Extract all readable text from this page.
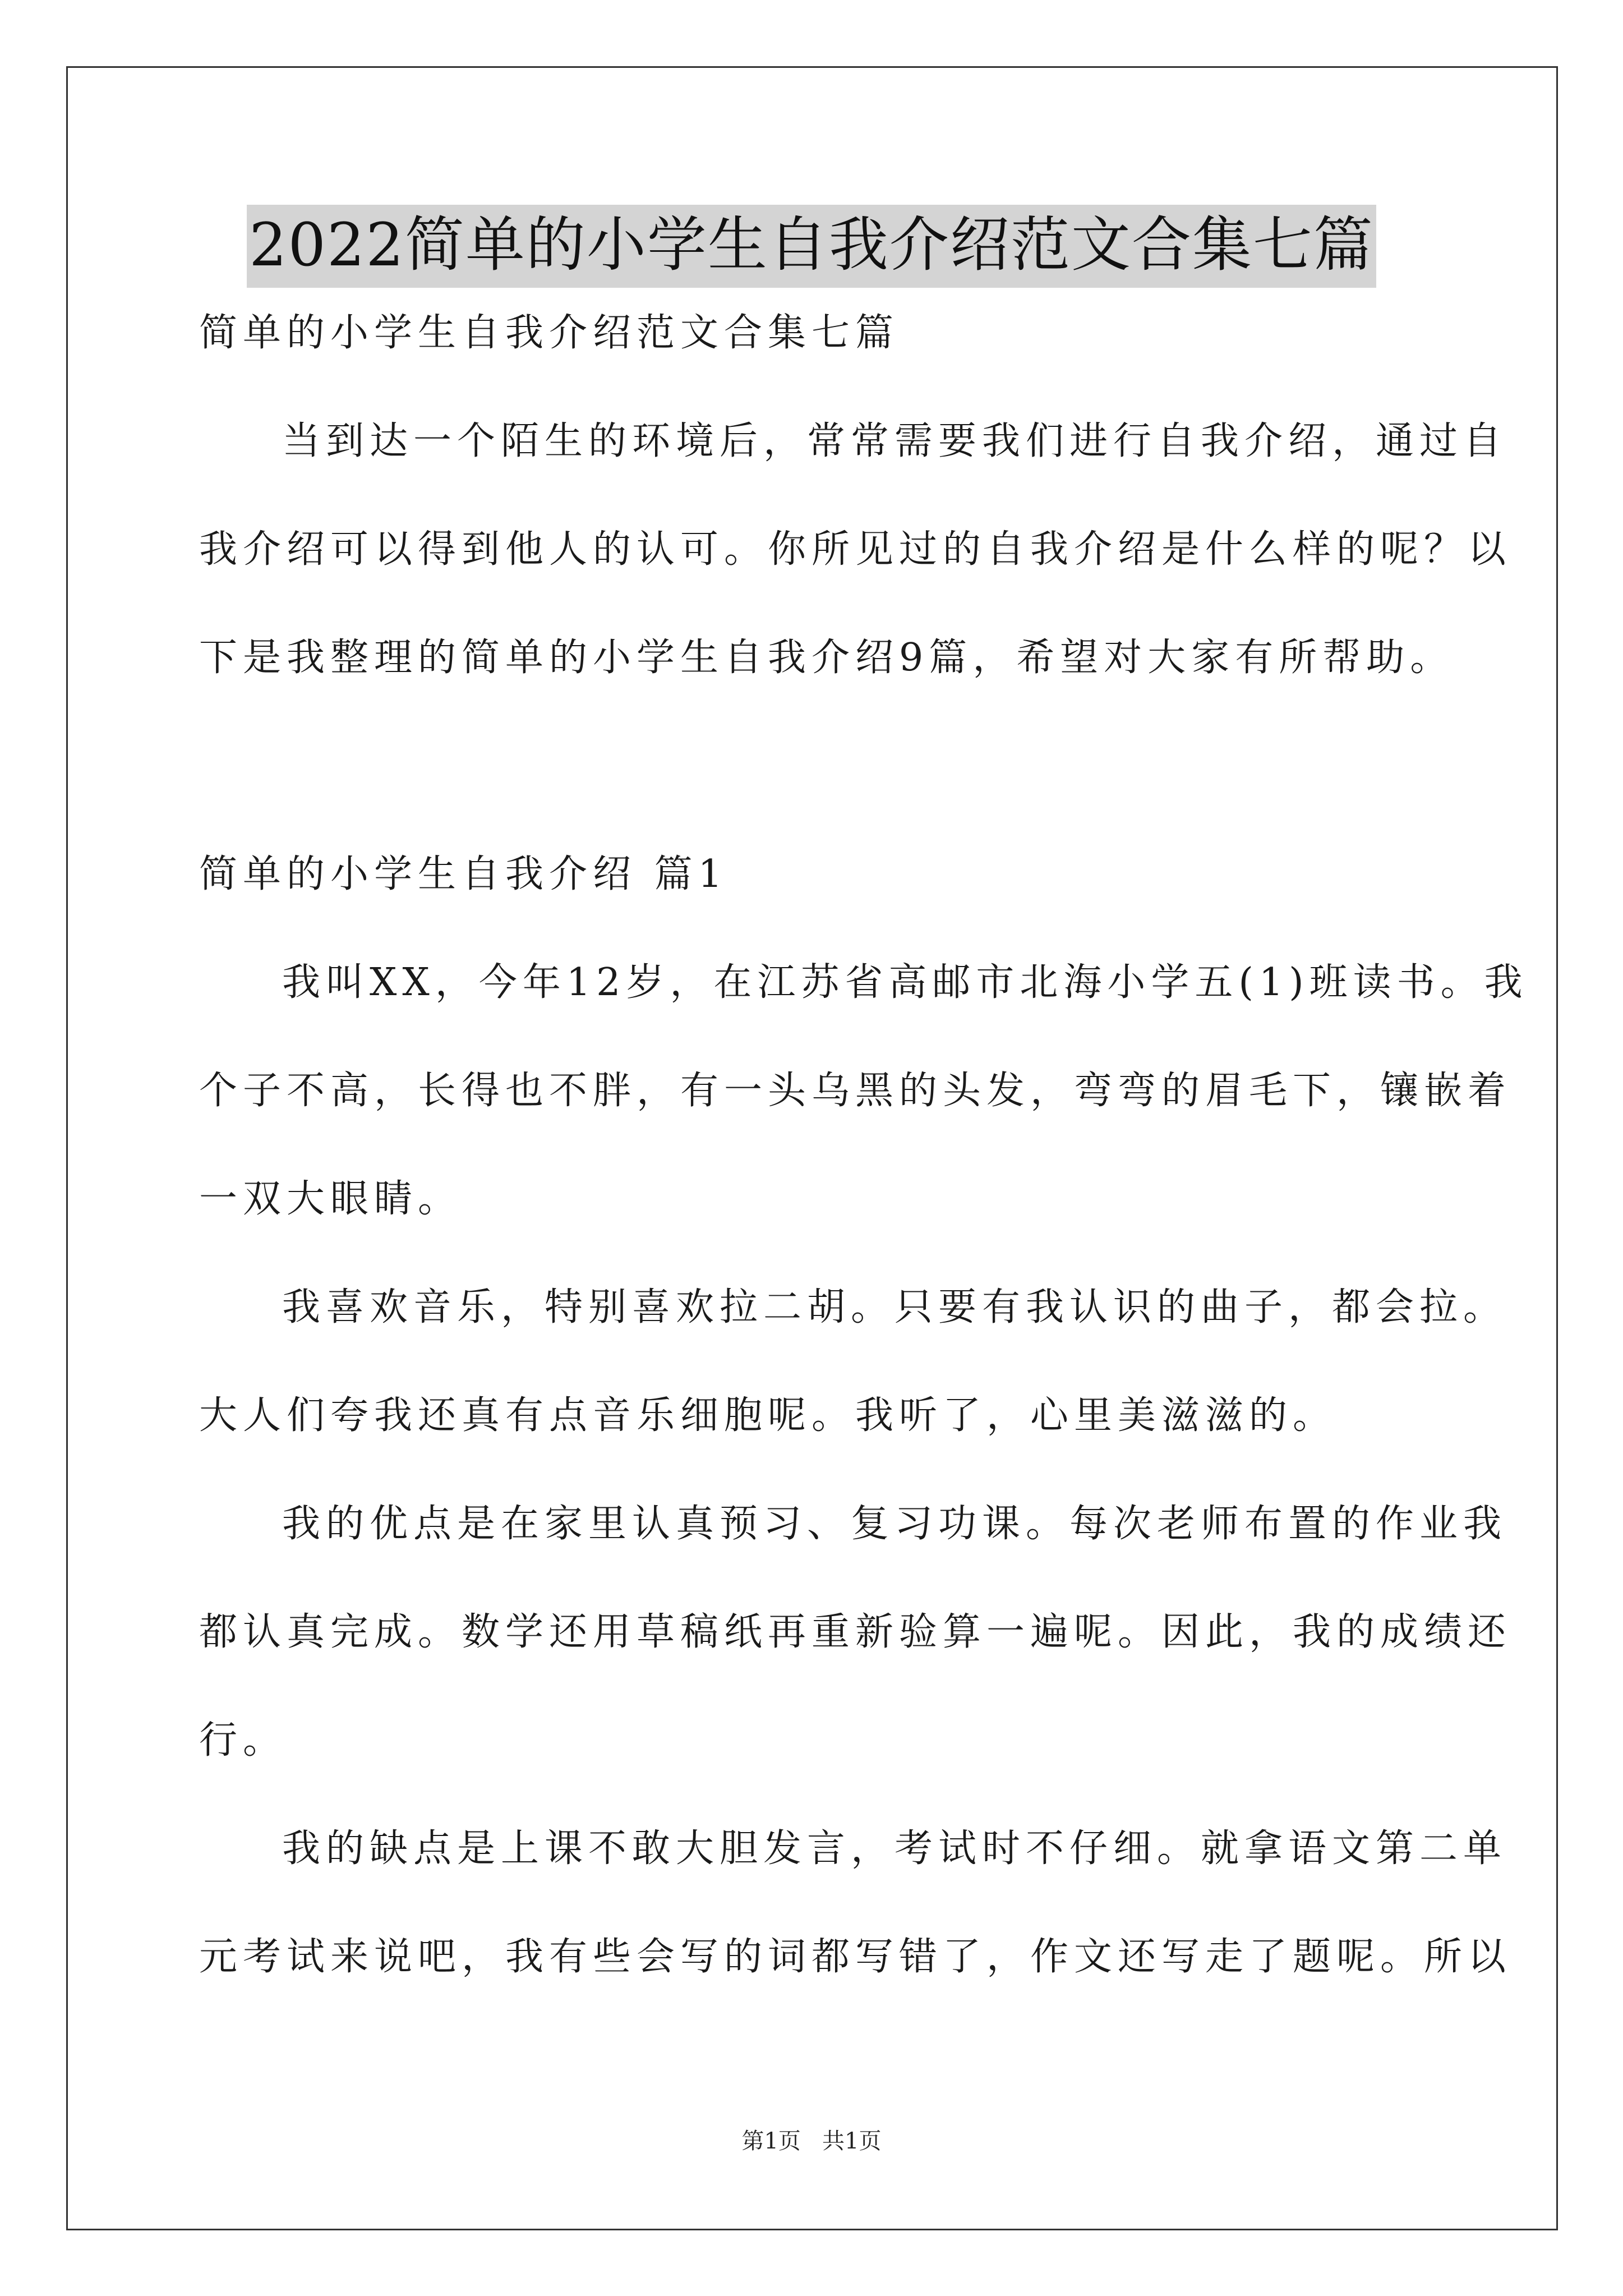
2022简单的小学生自我介绍范文合集七篇
简单的小学生自我介绍范文合集七篇
当到达一个陌生的环境后，常常需要我们进行自我介绍，通过自
我介绍可以得到他人的认可。你所见过的自我介绍是什么样的呢？以
下是我整理的简单的小学生自我介绍9篇，希望对大家有所帮助。
简单的小学生自我介绍 篇1
我叫XX，今年12岁，在江苏省高邮市北海小学五(1)班读书。我
个子不高，长得也不胖，有一头乌黑的头发，弯弯的眉毛下，镶嵌着
一双大眼睛。
我喜欢音乐，特别喜欢拉二胡。只要有我认识的曲子，都会拉。
大人们夸我还真有点音乐细胞呢。我听了，心里美滋滋的。
我的优点是在家里认真预习、复习功课。每次老师布置的作业我
都认真完成。数学还用草稿纸再重新验算一遍呢。因此，我的成绩还
行。
我的缺点是上课不敢大胆发言，考试时不仔细。就拿语文第二单
元考试来说吧，我有些会写的词都写错了，作文还写走了题呢。所以
第1页   共1页
